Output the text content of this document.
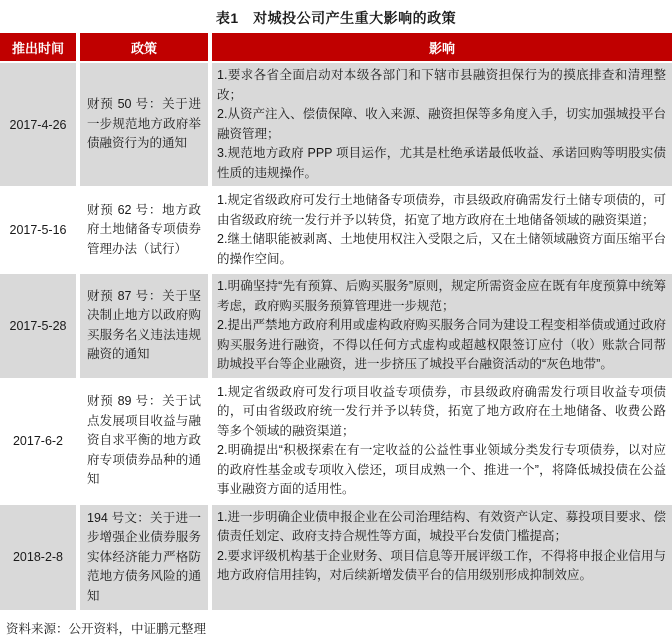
表1　对城投公司产生重大影响的政策
推出时间	政策	影响
2017-4-26
财预 50 号：关于进一步规范地方政府举债融资行为的通知

1.要求各省全面启动对本级各部门和下辖市县融资担保行为的摸底排查和清理整改；

2.从资产注入、偿债保障、收入来源、融资担保等多角度入手，切实加强城投平台融资管理；

3.规范地方政府 PPP 项目运作，尤其是杜绝承诺最低收益、承诺回购等明股实债性质的违规操作。

2017-5-16
财预 62 号：地方政府土地储备专项债券管理办法（试行）

1.规定省级政府可发行土地储备专项债券，市县级政府确需发行土储专项债的，可由省级政府统一发行并予以转贷，拓宽了地方政府在土地储备领域的融资渠道；

2.继土储职能被剥离、土地使用权注入受限之后，又在土储领域融资方面压缩平台的操作空间。

2017-5-28
财预 87 号：关于坚决制止地方以政府购买服务名义违法违规融资的通知

1.明确坚持“先有预算、后购买服务”原则，规定所需资金应在既有年度预算中统筹考虑，政府购买服务预算管理进一步规范；

2.提出严禁地方政府利用或虚构政府购买服务合同为建设工程变相举债或通过政府购买服务进行融资，不得以任何方式虚构或超越权限签订应付（收）账款合同帮助城投平台等企业融资，进一步挤压了城投平台融资活动的“灰色地带”。

2017-6-2
财预 89 号：关于试点发展项目收益与融资自求平衡的地方政府专项债券品种的通知

1.规定省级政府可发行项目收益专项债券，市县级政府确需发行项目收益专项债的，可由省级政府统一发行并予以转贷，拓宽了地方政府在土地储备、收费公路等多个领域的融资渠道；

2.明确提出“积极探索在有一定收益的公益性事业领域分类发行专项债券，以对应的政府性基金或专项收入偿还，项目成熟一个、推进一个”，将降低城投债在公益事业融资方面的适用性。

2018-2-8
194 号文：关于进一步增强企业债券服务实体经济能力严格防范地方债务风险的通知

1.进一步明确企业债申报企业在公司治理结构、有效资产认定、募投项目要求、偿债责任划定、政府支持合规性等方面，城投平台发债门槛提高；

2.要求评级机构基于企业财务、项目信息等开展评级工作，不得将申报企业信用与地方政府信用挂钩，对后续新增发债平台的信用级别形成抑制效应。

资料来源：公开资料，中证鹏元整理
